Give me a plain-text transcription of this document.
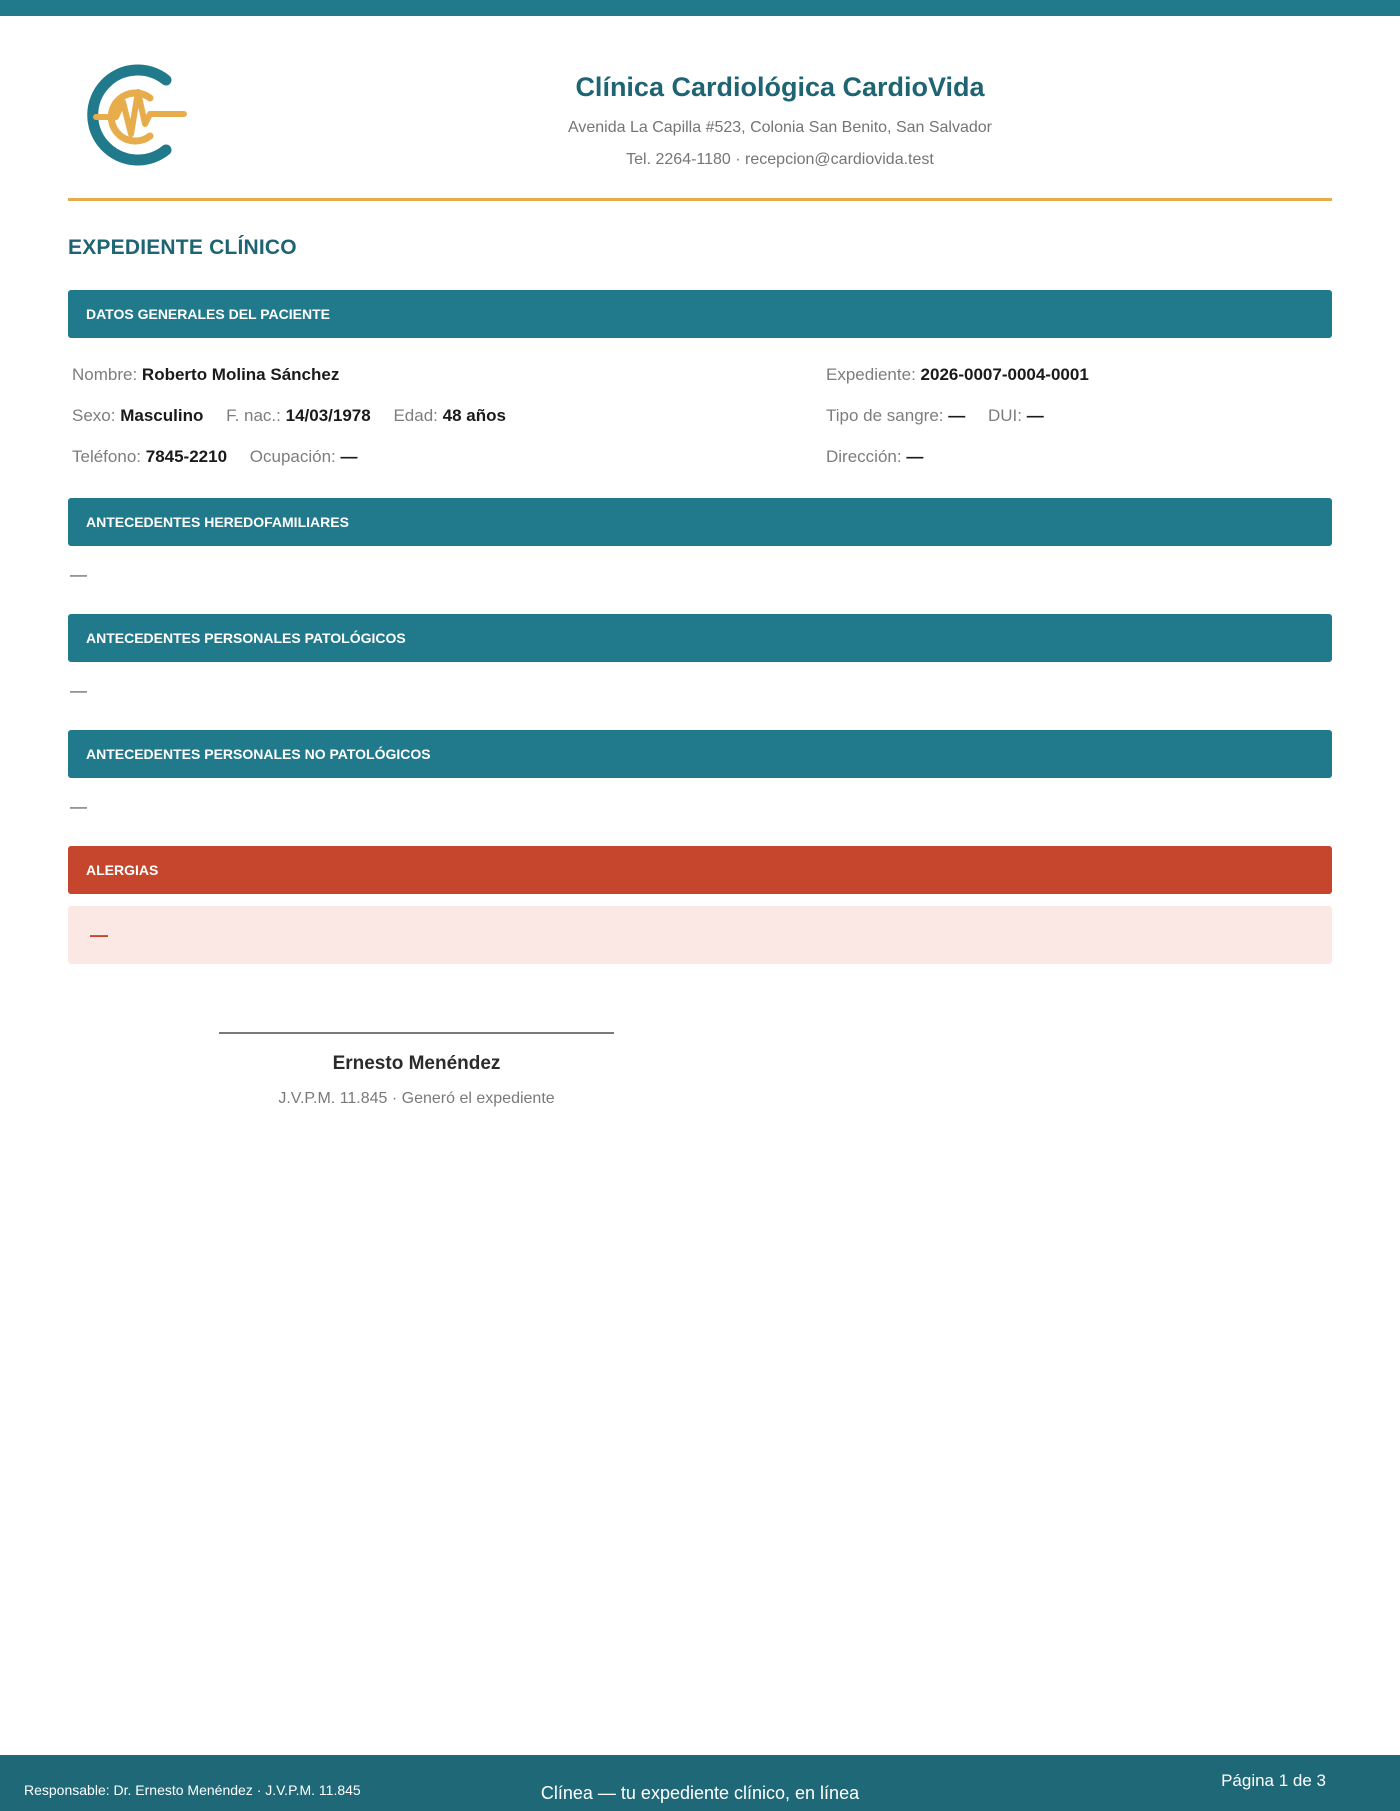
Clínica Cardiológica CardioVida
Avenida La Capilla #523, Colonia San Benito, San Salvador
Tel. 2264-1180 · recepcion@cardiovida.test
EXPEDIENTE CLÍNICO
DATOS GENERALES DEL PACIENTE
Nombre: Roberto Molina Sánchez	Expediente: 2026-0007-0004-0001
Sexo: Masculino F. nac.: 14/03/1978 Edad: 48 años	Tipo de sangre: — DUI: —
Teléfono: 7845-2210 Ocupación: —	Dirección: —
ANTECEDENTES HEREDOFAMILIARES
—
ANTECEDENTES PERSONALES PATOLÓGICOS
—
ANTECEDENTES PERSONALES NO PATOLÓGICOS
—
ALERGIAS
—
Ernesto Menéndez
J.V.P.M. 11.845 · Generó el expediente
Responsable: Dr. Ernesto Menéndez · J.V.P.M. 11.845	Clínea — tu expediente clínico, en línea
Página 1 de 3
